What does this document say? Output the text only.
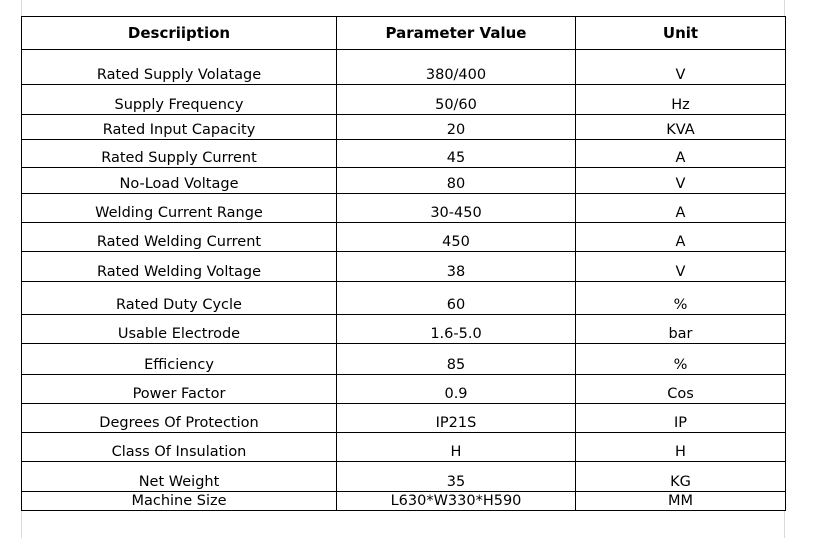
Descriiption	Parameter Value	Unit
Rated Supply Volatage	380/400	V
Supply Frequency	50/60	Hz
Rated Input Capacity	20	KVA
Rated Supply Current	45	A
No-Load Voltage	80	V
Welding Current Range	30-450	A
Rated Welding Current	450	A
Rated Welding Voltage	38	V
Rated Duty Cycle	60	%
Usable Electrode	1.6-5.0	bar
Efficiency	85	%
Power Factor	0.9	Cos
Degrees Of Protection	IP21S	IP
Class Of Insulation	H	H
Net Weight	35	KG
Machine Size	L630*W330*H590	MM
